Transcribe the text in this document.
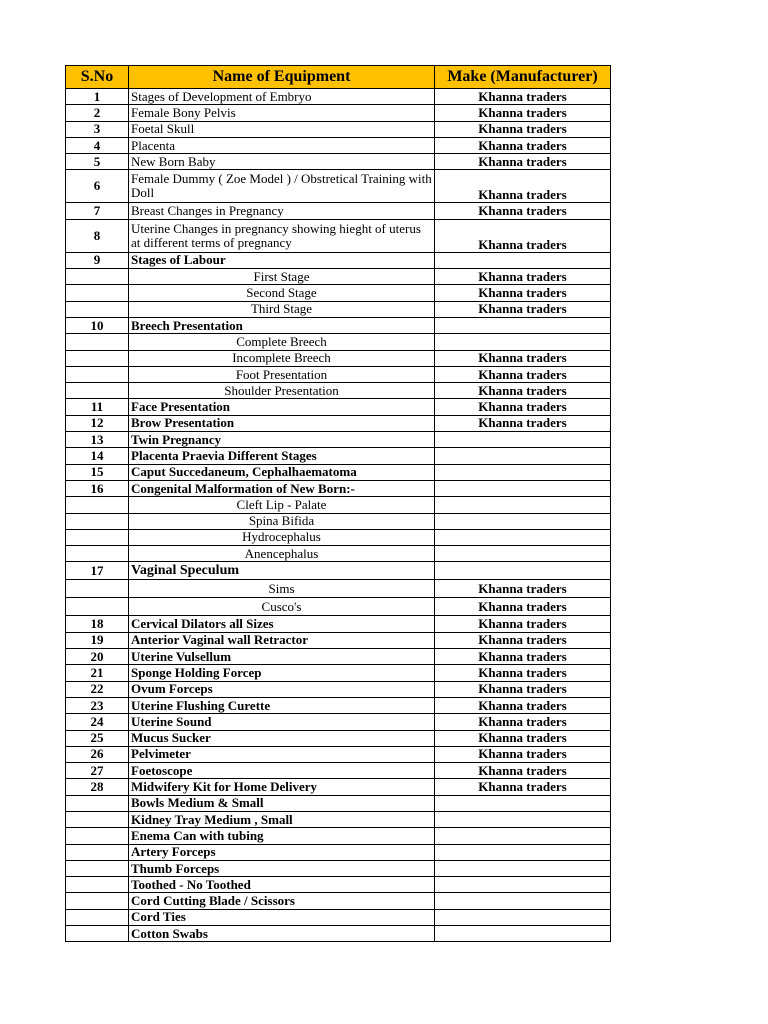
S.No	Name of Equipment	Make (Manufacturer)
1	Stages of Development of Embryo	Khanna traders
2	Female Bony Pelvis	Khanna traders
3	Foetal Skull	Khanna traders
4	Placenta	Khanna traders
5	New Born Baby	Khanna traders
6	Female Dummy ( Zoe Model ) / Obstretical Training with Doll	Khanna traders
7	Breast Changes in Pregnancy	Khanna traders
8	Uterine Changes in pregnancy showing hieght of uterus at different terms of pregnancy	Khanna traders
9	Stages of Labour	
	First Stage	Khanna traders
	Second Stage	Khanna traders
	Third Stage	Khanna traders
10	Breech Presentation	
	Complete Breech	
	Incomplete Breech	Khanna traders
	Foot Presentation	Khanna traders
	Shoulder Presentation	Khanna traders
11	Face Presentation	Khanna traders
12	Brow Presentation	Khanna traders
13	Twin Pregnancy	
14	Placenta Praevia Different Stages	
15	Caput Succedaneum, Cephalhaematoma	
16	Congenital Malformation of New Born:-	
	Cleft Lip - Palate	
	Spina Bifida	
	Hydrocephalus	
	Anencephalus	
17	Vaginal Speculum	
	Sims	Khanna traders
	Cusco's	Khanna traders
18	Cervical Dilators all Sizes	Khanna traders
19	Anterior Vaginal wall Retractor	Khanna traders
20	Uterine Vulsellum	Khanna traders
21	Sponge Holding Forcep	Khanna traders
22	Ovum Forceps	Khanna traders
23	Uterine Flushing Curette	Khanna traders
24	Uterine Sound	Khanna traders
25	Mucus Sucker	Khanna traders
26	Pelvimeter	Khanna traders
27	Foetoscope	Khanna traders
28	Midwifery Kit for Home Delivery	Khanna traders
	Bowls Medium & Small	
	Kidney Tray Medium , Small	
	Enema Can with tubing	
	Artery Forceps	
	Thumb Forceps	
	Toothed - No Toothed	
	Cord Cutting Blade / Scissors	
	Cord Ties	
	Cotton Swabs	
